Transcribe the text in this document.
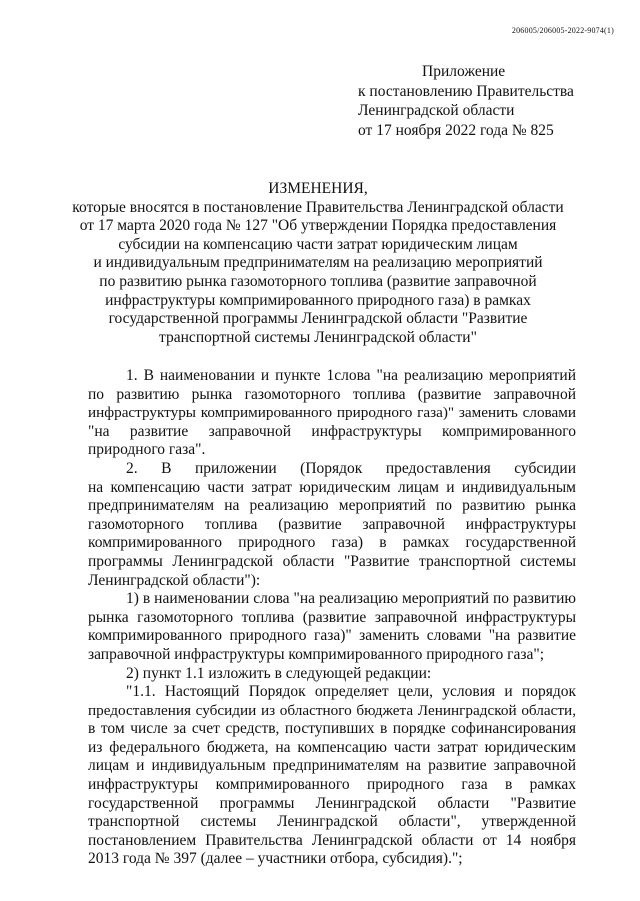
206005/206005-2022-9074(1)
Приложение
к постановлению Правительства
Ленинградской области
от 17 ноября 2022 года № 825
ИЗМЕНЕНИЯ,
которые вносятся в постановление Правительства Ленинградской области
от 17 марта 2020 года № 127 "Об утверждении Порядка предоставления
субсидии на компенсацию части затрат юридическим лицам
и индивидуальным предпринимателям на реализацию мероприятий
по развитию рынка газомоторного топлива (развитие заправочной
инфраструктуры компримированного природного газа) в рамках
государственной программы Ленинградской области "Развитие
транспортной системы Ленинградской области"
1. В наименовании и пункте 1слова "на реализацию мероприятий
по развитию рынка газомоторного топлива (развитие заправочной
инфраструктуры компримированного природного газа)" заменить словами
"на развитие заправочной инфраструктуры компримированного
природного газа".
2. В приложении (Порядок предоставления субсидии
на компенсацию части затрат юридическим лицам и индивидуальным
предпринимателям на реализацию мероприятий по развитию рынка
газомоторного топлива (развитие заправочной инфраструктуры
компримированного природного газа) в рамках государственной
программы Ленинградской области "Развитие транспортной системы
Ленинградской области"):
1) в наименовании слова "на реализацию мероприятий по развитию
рынка газомоторного топлива (развитие заправочной инфраструктуры
компримированного природного газа)" заменить словами "на развитие
заправочной инфраструктуры компримированного природного газа";
2) пункт 1.1 изложить в следующей редакции:
"1.1. Настоящий Порядок определяет цели, условия и порядок
предоставления субсидии из областного бюджета Ленинградской области,
в том числе за счет средств, поступивших в порядке софинансирования
из федерального бюджета, на компенсацию части затрат юридическим
лицам и индивидуальным предпринимателям на развитие заправочной
инфраструктуры компримированного природного газа в рамках
государственной программы Ленинградской области "Развитие
транспортной системы Ленинградской области", утвержденной
постановлением Правительства Ленинградской области от 14 ноября
2013 года № 397 (далее – участники отбора, субсидия).";
